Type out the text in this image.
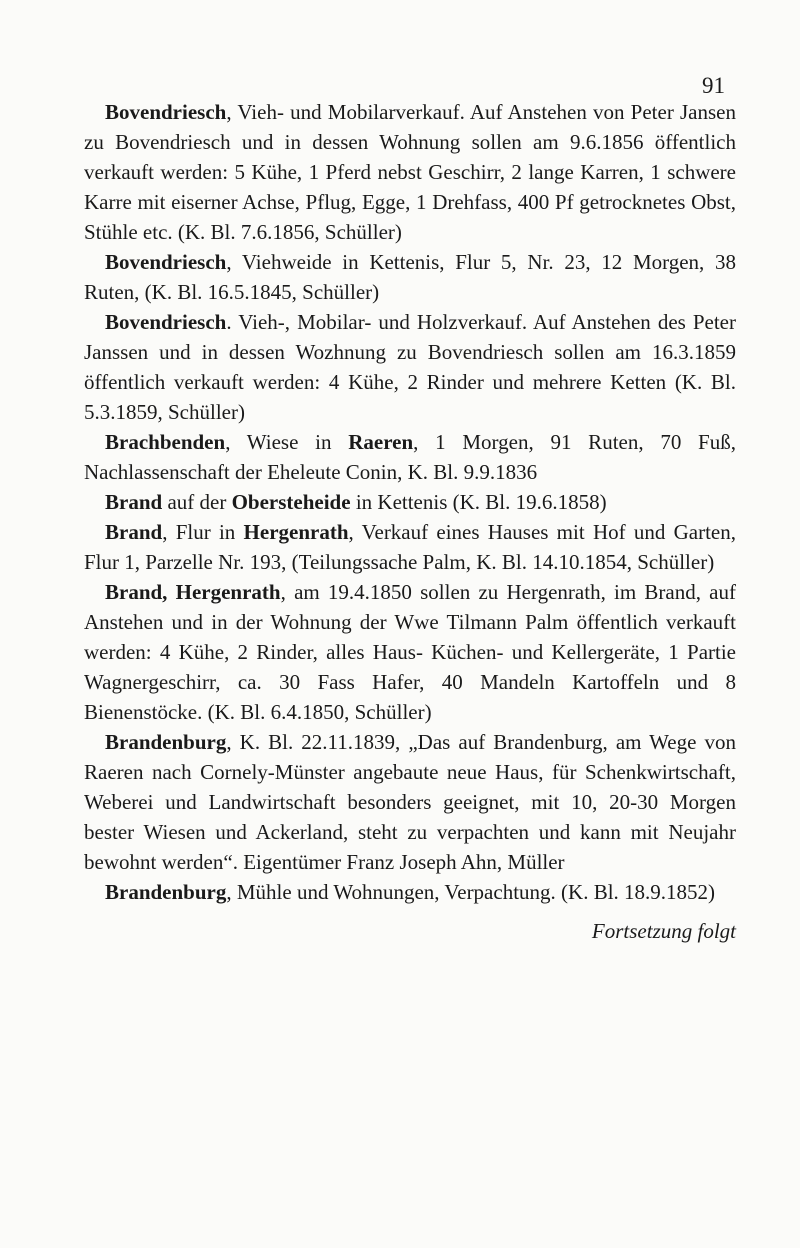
91

Bovendriesch, Vieh- und Mobilarverkauf. Auf Anstehen von Peter Jansen zu Bovendriesch und in dessen Wohnung sollen am 9.6.1856 öffentlich verkauft werden: 5 Kühe, 1 Pferd nebst Geschirr, 2 lange Karren, 1 schwere Karre mit eiserner Achse, Pflug, Egge, 1 Drehfass, 400 Pf getrocknetes Obst, Stühle etc. (K. Bl. 7.6.1856, Schüller)

Bovendriesch, Viehweide in Kettenis, Flur 5, Nr. 23, 12 Morgen, 38 Ruten, (K. Bl. 16.5.1845, Schüller)

Bovendriesch. Vieh-, Mobilar- und Holzverkauf. Auf Anstehen des Peter Janssen und in dessen Wozhnung zu Bovendriesch sollen am 16.3.1859 öffentlich verkauft werden: 4 Kühe, 2 Rinder und mehrere Ketten (K. Bl. 5.3.1859, Schüller)

Brachbenden, Wiese in Raeren, 1 Morgen, 91 Ruten, 70 Fuß, Nachlassenschaft der Eheleute Conin, K. Bl. 9.9.1836

Brand auf der Obersteheide in Kettenis (K. Bl. 19.6.1858)

Brand, Flur in Hergenrath, Verkauf eines Hauses mit Hof und Garten, Flur 1, Parzelle Nr. 193, (Teilungssache Palm, K. Bl. 14.10.1854, Schüller)

Brand, Hergenrath, am 19.4.1850 sollen zu Hergenrath, im Brand, auf Anstehen und in der Wohnung der Wwe Tilmann Palm öffentlich verkauft werden: 4 Kühe, 2 Rinder, alles Haus- Küchen- und Kellergeräte, 1 Partie Wagnergeschirr, ca. 30 Fass Hafer, 40 Mandeln Kartoffeln und 8 Bienenstöcke. (K. Bl. 6.4.1850, Schüller)

Brandenburg, K. Bl. 22.11.1839, „Das auf Brandenburg, am Wege von Raeren nach Cornely-Münster angebaute neue Haus, für Schenkwirtschaft, Weberei und Landwirtschaft besonders geeignet, mit 10, 20-30 Morgen bester Wiesen und Ackerland, steht zu verpachten und kann mit Neujahr bewohnt werden“. Eigentümer Franz Joseph Ahn, Müller

Brandenburg, Mühle und Wohnungen, Verpachtung. (K. Bl. 18.9.1852)

Fortsetzung folgt
